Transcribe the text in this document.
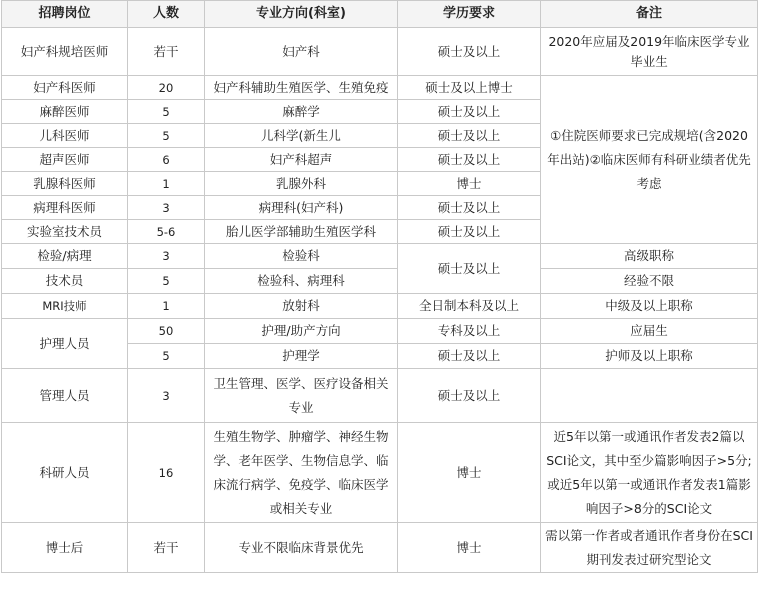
招聘岗位	人数	专业方向(科室)	学历要求	备注
妇产科规培医师	若干	妇产科	硕士及以上	2020年应届及2019年临床医学专业毕业生
妇产科医师	20	妇产科辅助生殖医学、生殖免疫	硕士及以上博士	①住院医师要求已完成规培(含2020年出站)②临床医师有科研业绩者优先考虑
麻醉医师	5	麻醉学	硕士及以上	
儿科医师	5	儿科学(新生儿	硕士及以上	
超声医师	6	妇产科超声	硕士及以上	
乳腺科医师	1	乳腺外科	博士	
病理科医师	3	病理科(妇产科)	硕士及以上	
实验室技术员	5-6	胎儿医学部辅助生殖医学科	硕士及以上	
检验/病理	3	检验科	硕士及以上	高级职称
技术员	5	检验科、病理科		经验不限
MRI技师	1	放射科	全日制本科及以上	中级及以上职称
护理人员	50	护理/助产方向	专科及以上	应届生
	5	护理学	硕士及以上	护师及以上职称
管理人员	3	卫生管理、医学、医疗设备相关专业	硕士及以上	
科研人员	16	生殖生物学、肿瘤学、神经生物学、老年医学、生物信息学、临床流行病学、免疫学、临床医学或相关专业	博士	近5年以第一或通讯作者发表2篇以SCI论文，其中至少篇影响因子>5分;或近5年以第一或通讯作者发表1篇影响因子>8分的SCI论文
博士后	若干	专业不限临床背景优先	博士	需以第一作者或者通讯作者身份在SCI期刊发表过研究型论文
